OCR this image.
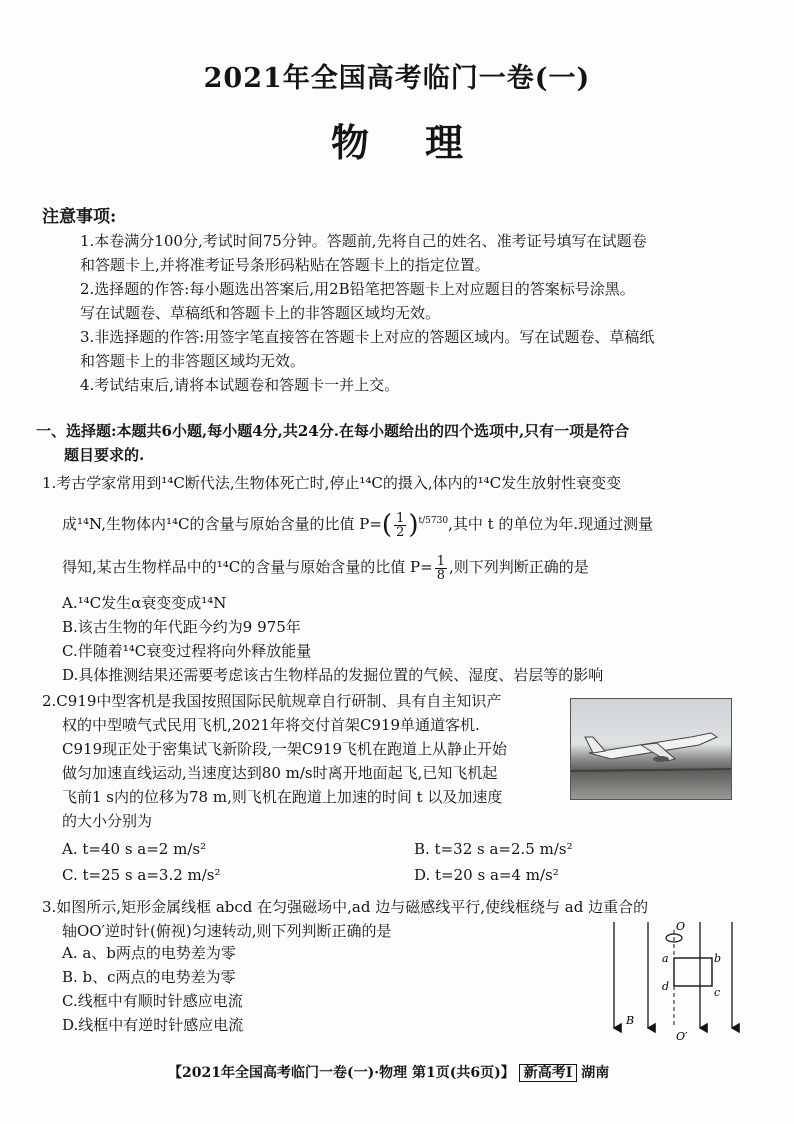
2021年全国高考临门一卷(一)
物理
注意事项:
1.本卷满分100分,考试时间75分钟。答题前,先将自己的姓名、准考证号填写在试题卷
和答题卡上,并将准考证号条形码粘贴在答题卡上的指定位置。
2.选择题的作答:每小题选出答案后,用2B铅笔把答题卡上对应题目的答案标号涂黑。
写在试题卷、草稿纸和答题卡上的非答题区域均无效。
3.非选择题的作答:用签字笔直接答在答题卡上对应的答题区域内。写在试题卷、草稿纸
和答题卡上的非答题区域均无效。
4.考试结束后,请将本试题卷和答题卡一并上交。
一、选择题:本题共6小题,每小题4分,共24分.在每小题给出的四个选项中,只有一项是符合
题目要求的.
1.考古学家常用到¹⁴C断代法,生物体死亡时,停止¹⁴C的摄入,体内的¹⁴C发生放射性衰变变
成¹⁴N,生物体内¹⁴C的含量与原始含量的比值 $P=( \frac{1}{2} )^{t/5730}$,其中 t 的单位为年.现通过测量
得知,某古生物样品中的¹⁴C的含量与原始含量的比值 $P= \frac{1}{8}$ ,则下列判断正确的是
A.¹⁴C发生α衰变变成¹⁴N
B.该古生物的年代距今约为9 975年
C.伴随着¹⁴C衰变过程将向外释放能量
D.具体推测结果还需要考虑该古生物样品的发掘位置的气候、湿度、岩层等的影响
2.C919中型客机是我国按照国际民航规章自行研制、具有自主知识产
权的中型喷气式民用飞机,2021年将交付首架C919单通道客机.
C919现正处于密集试飞新阶段,一架C919飞机在跑道上从静止开始
做匀加速直线运动,当速度达到80 m/s时离开地面起飞,已知飞机起
飞前1 s内的位移为78 m,则飞机在跑道上加速的时间 t 以及加速度
的大小分别为
A. t=40 s a=2 m/s²	B. t=32 s a=2.5 m/s²
C. t=25 s a=3.2 m/s²	D. t=20 s a=4 m/s²
3.如图所示,矩形金属线框 abcd 在匀强磁场中,ad 边与磁感线平行,使线框绕与 ad 边重合的
轴OO′逆时针(俯视)匀速转动,则下列判断正确的是
A. a、b两点的电势差为零
B. b、c两点的电势差为零
C.线框中有顺时针感应电流
D.线框中有逆时针感应电流
O
O′
a	b
c
d
B
【2021年全国高考临门一卷(一)·物理 第1页(共6页)】 新高考Ⅰ 湖南
